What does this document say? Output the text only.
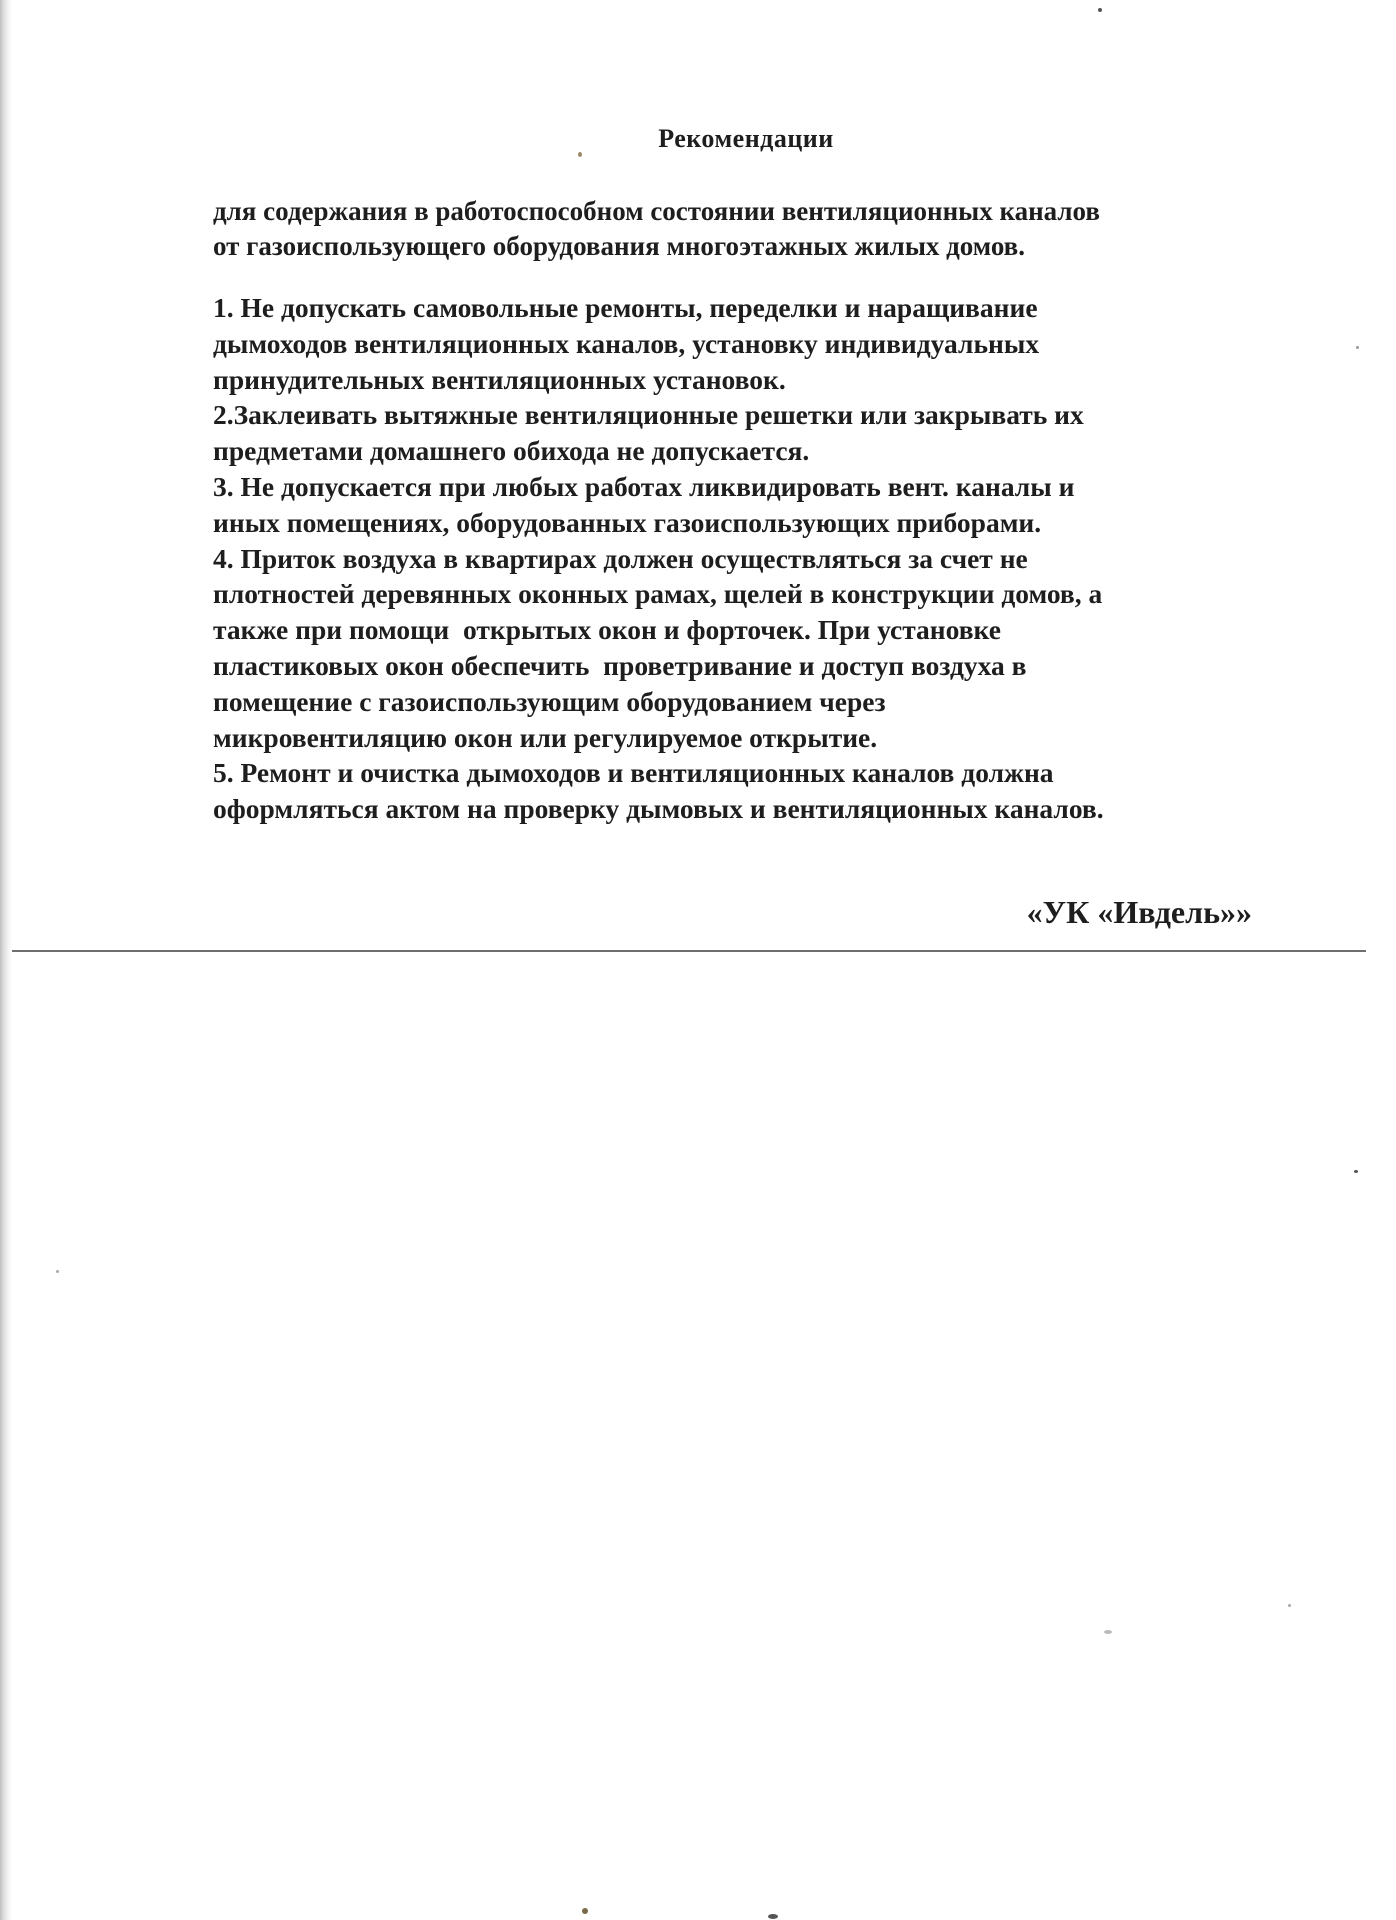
Рекомендации
для содержания в работоспособном состоянии вентиляционных каналов
от газоиспользующего оборудования многоэтажных жилых домов.
1. Не допускать самовольные ремонты, переделки и наращивание
дымоходов вентиляционных каналов, установку индивидуальных
принудительных вентиляционных установок.
2.Заклеивать вытяжные вентиляционные решетки или закрывать их
предметами домашнего обихода не допускается.
3. Не допускается при любых работах ликвидировать вент. каналы и
иных помещениях, оборудованных газоиспользующих приборами.
4. Приток воздуха в квартирах должен осуществляться за счет не
плотностей деревянных оконных рамах, щелей в конструкции домов, а
также при помощи  открытых окон и форточек. При установке
пластиковых окон обеспечить  проветривание и доступ воздуха в
помещение с газоиспользующим оборудованием через
микровентиляцию окон или регулируемое открытие.
5. Ремонт и очистка дымоходов и вентиляционных каналов должна
оформляться актом на проверку дымовых и вентиляционных каналов.
«УК «Ивдель»»
